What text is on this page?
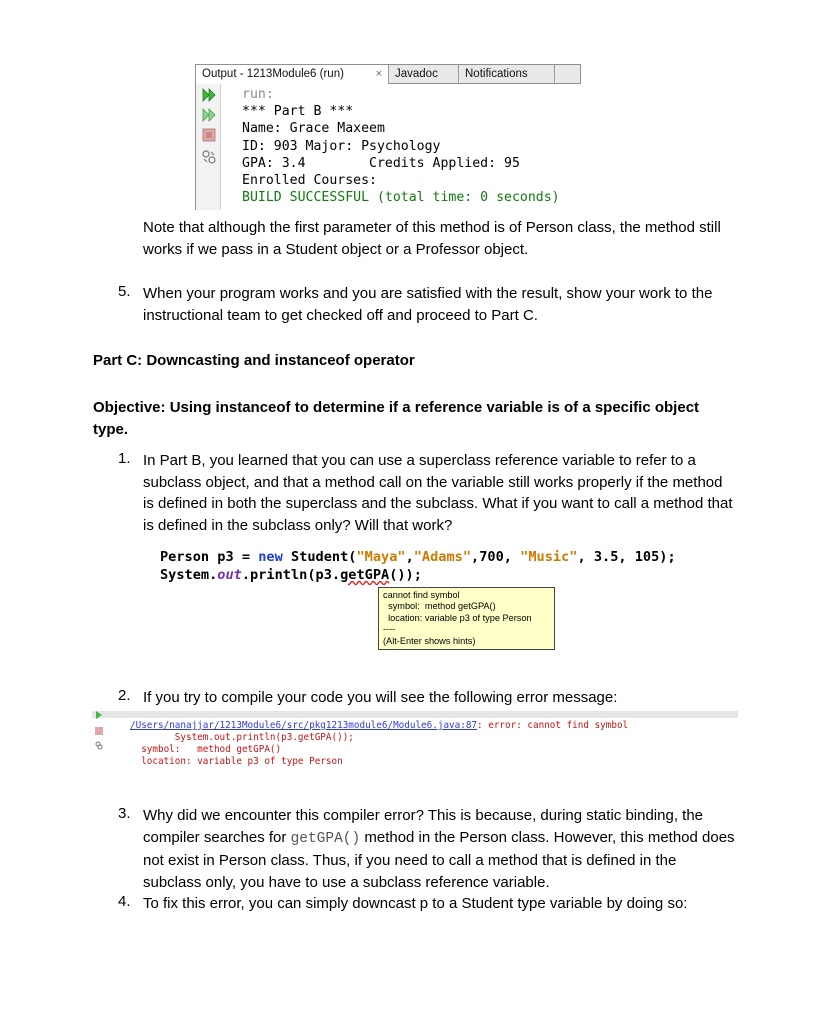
Output - 1213Module6 (run)	×	Javadoc	Notifications
run:
*** Part B ***
Name: Grace Maxeem
ID: 903 Major: Psychology
GPA: 3.4        Credits Applied: 95
Enrolled Courses:
BUILD SUCCESSFUL (total time: 0 seconds)
Note that although the first parameter of this method is of Person class, the method still works if we pass in a Student object or a Professor object.
5. When your program works and you are satisfied with the result, show your work to the instructional team to get checked off and proceed to Part C.
Part C: Downcasting and instanceof operator
Objective: Using instanceof to determine if a reference variable is of a specific object type.
1. In Part B, you learned that you can use a superclass reference variable to refer to a subclass object, and that a method call on the variable still works properly if the method is defined in both the superclass and the subclass. What if you want to call a method that is defined in the subclass only? Will that work?
Person p3 = new Student("Maya","Adams",700, "Music", 3.5, 105);
System.out.println(p3.getGPA());
cannot find symbol
symbol:  method getGPA()
location: variable p3 of type Person
----
(Alt-Enter shows hints)
2. If you try to compile your code you will see the following error message:
/Users/nanajjar/1213Module6/src/pkg1213module6/Module6.java:87: error: cannot find symbol
System.out.println(p3.getGPA());
symbol:   method getGPA()
location: variable p3 of type Person
3. Why did we encounter this compiler error? This is because, during static binding, the compiler searches for getGPA() method in the Person class. However, this method does not exist in Person class. Thus, if you need to call a method that is defined in the subclass only, you have to use a subclass reference variable.
4. To fix this error, you can simply downcast p to a Student type variable by doing so:
